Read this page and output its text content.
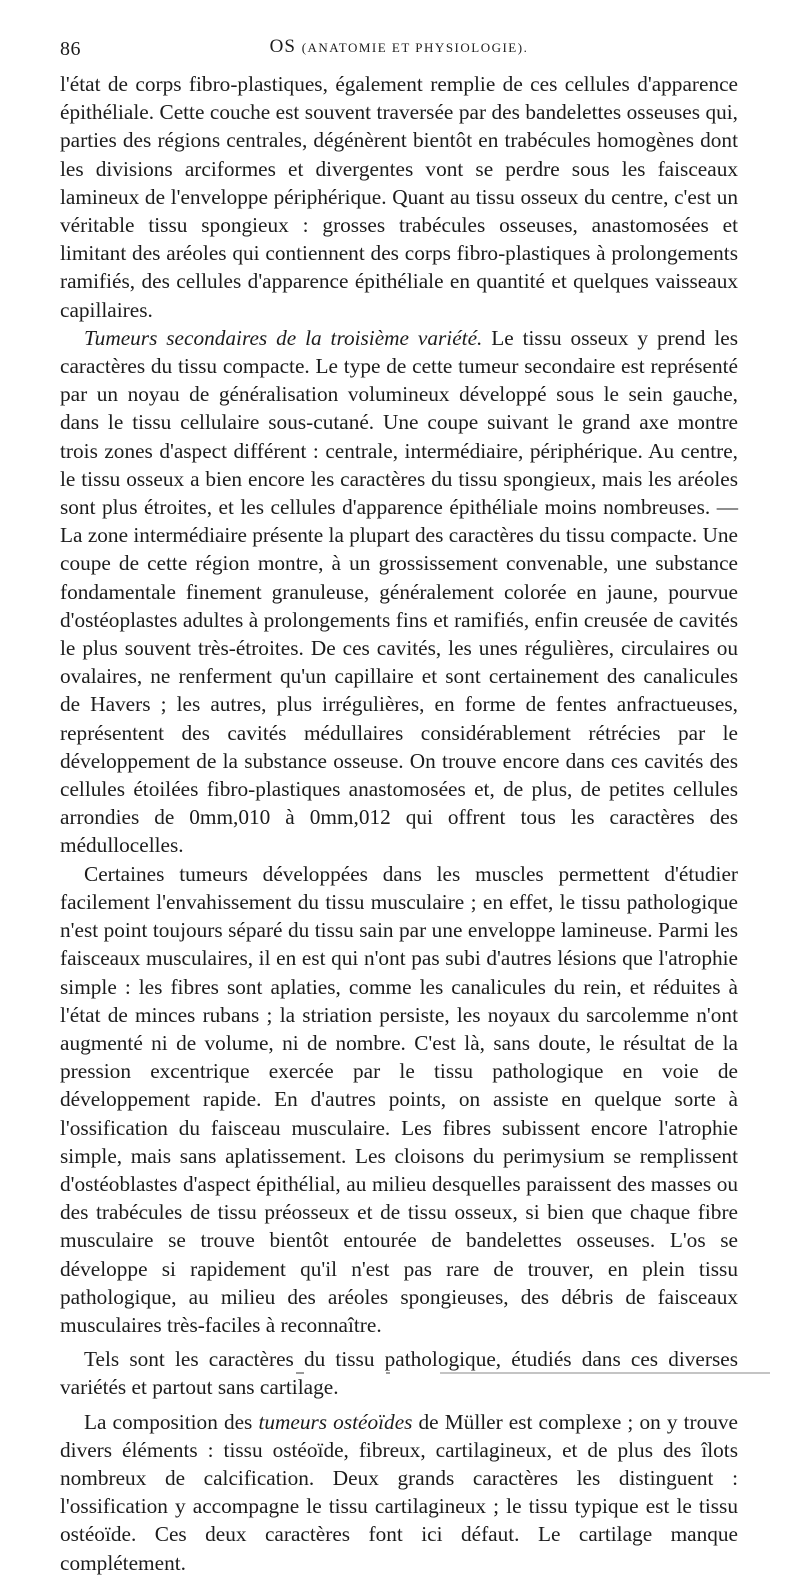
86	OS (ANATOMIE ET PHYSIOLOGIE).

l'état de corps fibro-plastiques, également remplie de ces cellules d'apparence épithéliale. Cette couche est souvent traversée par des bandelettes osseuses qui, parties des régions centrales, dégénèrent bientôt en trabécules homogènes dont les divisions arciformes et divergentes vont se perdre sous les faisceaux lamineux de l'enveloppe périphérique. Quant au tissu osseux du centre, c'est un véritable tissu spongieux : grosses trabécules osseuses, anastomosées et limitant des aréoles qui contiennent des corps fibro-plastiques à prolongements ramifiés, des cellules d'apparence épithéliale en quantité et quelques vaisseaux capillaires.

Tumeurs secondaires de la troisième variété. Le tissu osseux y prend les caractères du tissu compacte. Le type de cette tumeur secondaire est représenté par un noyau de généralisation volumineux développé sous le sein gauche, dans le tissu cellulaire sous-cutané. Une coupe suivant le grand axe montre trois zones d'aspect différent : centrale, intermédiaire, périphérique. Au centre, le tissu osseux a bien encore les caractères du tissu spongieux, mais les aréoles sont plus étroites, et les cellules d'apparence épithéliale moins nombreuses. — La zone intermédiaire présente la plupart des caractères du tissu compacte. Une coupe de cette région montre, à un grossissement convenable, une substance fondamentale finement granuleuse, généralement colorée en jaune, pourvue d'ostéoplastes adultes à prolongements fins et ramifiés, enfin creusée de cavités le plus souvent très-étroites. De ces cavités, les unes régulières, circulaires ou ovalaires, ne renferment qu'un capillaire et sont certainement des canalicules de Havers ; les autres, plus irrégulières, en forme de fentes anfractueuses, représentent des cavités médullaires considérablement rétrécies par le développement de la substance osseuse. On trouve encore dans ces cavités des cellules étoilées fibro-plastiques anastomosées et, de plus, de petites cellules arrondies de 0mm,010 à 0mm,012 qui offrent tous les caractères des médullocelles.

Certaines tumeurs développées dans les muscles permettent d'étudier facilement l'envahissement du tissu musculaire ; en effet, le tissu pathologique n'est point toujours séparé du tissu sain par une enveloppe lamineuse. Parmi les faisceaux musculaires, il en est qui n'ont pas subi d'autres lésions que l'atrophie simple : les fibres sont aplaties, comme les canalicules du rein, et réduites à l'état de minces rubans ; la striation persiste, les noyaux du sarcolemme n'ont augmenté ni de volume, ni de nombre. C'est là, sans doute, le résultat de la pression excentrique exercée par le tissu pathologique en voie de développement rapide. En d'autres points, on assiste en quelque sorte à l'ossification du faisceau musculaire. Les fibres subissent encore l'atrophie simple, mais sans aplatissement. Les cloisons du perimysium se remplissent d'ostéoblastes d'aspect épithélial, au milieu desquelles paraissent des masses ou des trabécules de tissu préosseux et de tissu osseux, si bien que chaque fibre musculaire se trouve bientôt entourée de bandelettes osseuses. L'os se développe si rapidement qu'il n'est pas rare de trouver, en plein tissu pathologique, au milieu des aréoles spongieuses, des débris de faisceaux musculaires très-faciles à reconnaître.

Tels sont les caractères du tissu pathologique, étudiés dans ces diverses variétés et partout sans cartilage.

La composition des tumeurs ostéoïdes de Müller est complexe ; on y trouve divers éléments : tissu ostéoïde, fibreux, cartilagineux, et de plus des îlots nombreux de calcification. Deux grands caractères les distinguent : l'ossification y accompagne le tissu cartilagineux ; le tissu typique est le tissu ostéoïde. Ces deux caractères font ici défaut. Le cartilage manque complétement.
